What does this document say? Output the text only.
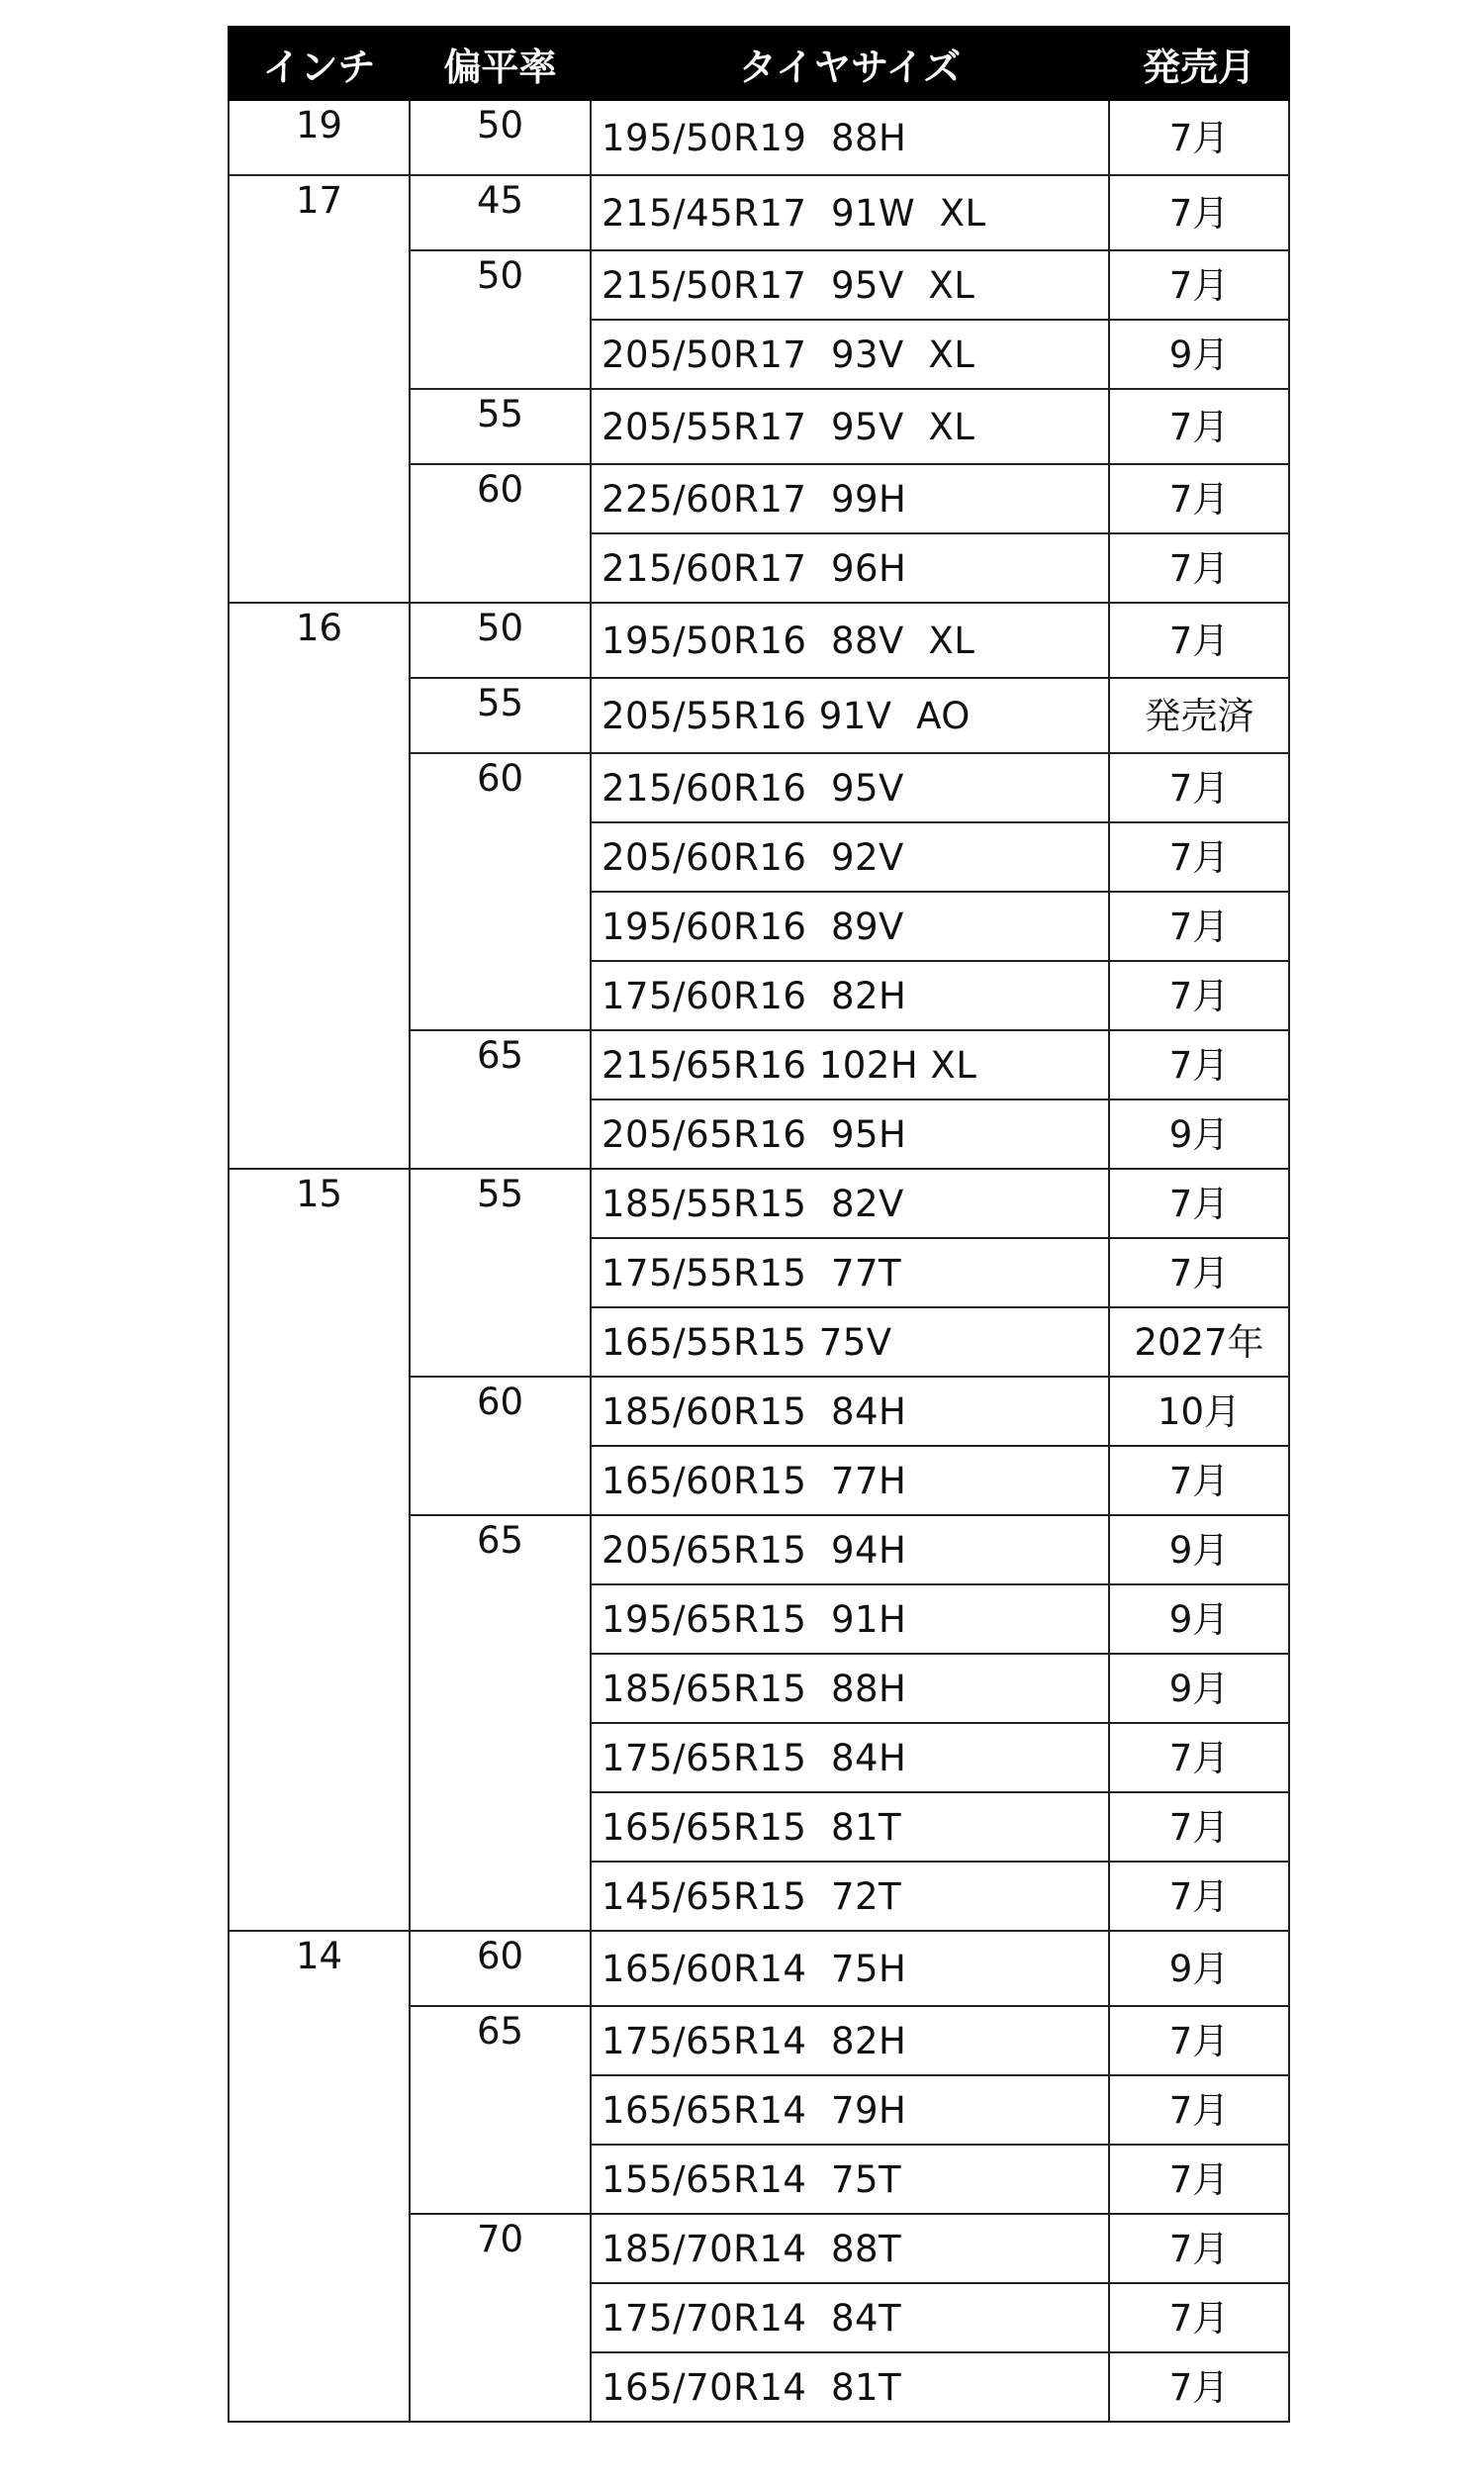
インチ	偏平率	タイヤサイズ	発売月
19	50	195/50R19  88H	7月
17	45	215/45R17  91W  XL	7月
	50	215/50R17  95V  XL	7月
		205/50R17  93V  XL	9月
	55	205/55R17  95V  XL	7月
	60	225/60R17  99H	7月
		215/60R17  96H	7月
16	50	195/50R16  88V  XL	7月
	55	205/55R16 91V  AO	発売済
	60	215/60R16  95V	7月
		205/60R16  92V	7月
		195/60R16  89V	7月
		175/60R16  82H	7月
	65	215/65R16 102H XL	7月
		205/65R16  95H	9月
15	55	185/55R15  82V	7月
		175/55R15  77T	7月
		165/55R15 75V	2027年
	60	185/60R15  84H	10月
		165/60R15  77H	7月
	65	205/65R15  94H	9月
		195/65R15  91H	9月
		185/65R15  88H	9月
		175/65R15  84H	7月
		165/65R15  81T	7月
		145/65R15  72T	7月
14	60	165/60R14  75H	9月
	65	175/65R14  82H	7月
		165/65R14  79H	7月
		155/65R14  75T	7月
	70	185/70R14  88T	7月
		175/70R14  84T	7月
		165/70R14  81T	7月
